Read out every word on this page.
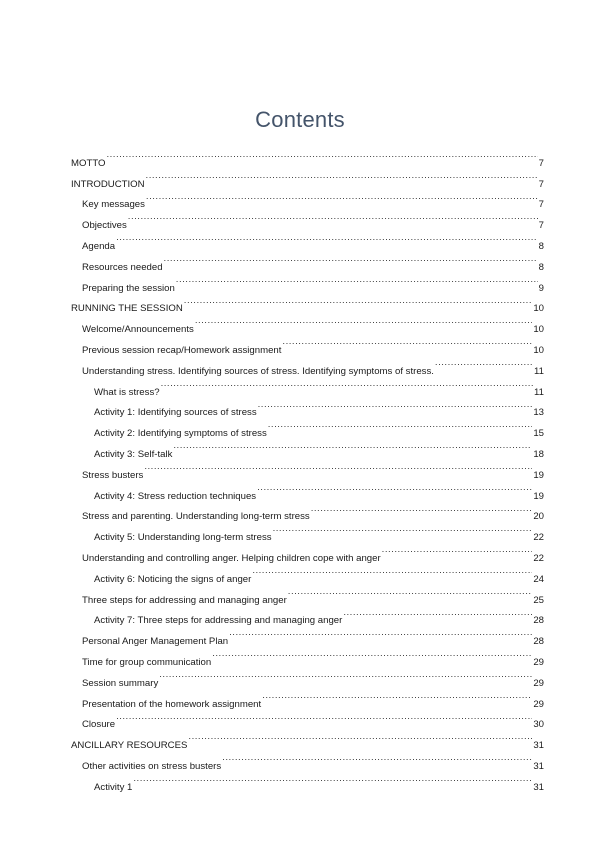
Contents
MOTTO .....	7
INTRODUCTION .....	7
Key messages .....	7
Objectives .....	7
Agenda .....	8
Resources needed .....	8
Preparing the session .....	9
RUNNING THE SESSION .....	10
Welcome/Announcements .....	10
Previous session recap/Homework assignment .....	10
Understanding stress. Identifying sources of stress. Identifying symptoms of stress. .....	11
What is stress? .....	11
Activity 1: Identifying sources of stress .....	13
Activity 2: Identifying symptoms of stress .....	15
Activity 3: Self-talk .....	18
Stress busters .....	19
Activity 4: Stress reduction techniques .....	19
Stress and parenting. Understanding long-term stress .....	20
Activity 5: Understanding long-term stress .....	22
Understanding and controlling anger. Helping children cope with anger .....	22
Activity 6: Noticing the signs of anger .....	24
Three steps for addressing and managing anger .....	25
Activity 7: Three steps for addressing and managing anger .....	28
Personal Anger Management Plan .....	28
Time for group communication .....	29
Session summary .....	29
Presentation of the homework assignment .....	29
Closure .....	30
ANCILLARY RESOURCES .....	31
Other activities on stress busters .....	31
Activity 1 .....	31
